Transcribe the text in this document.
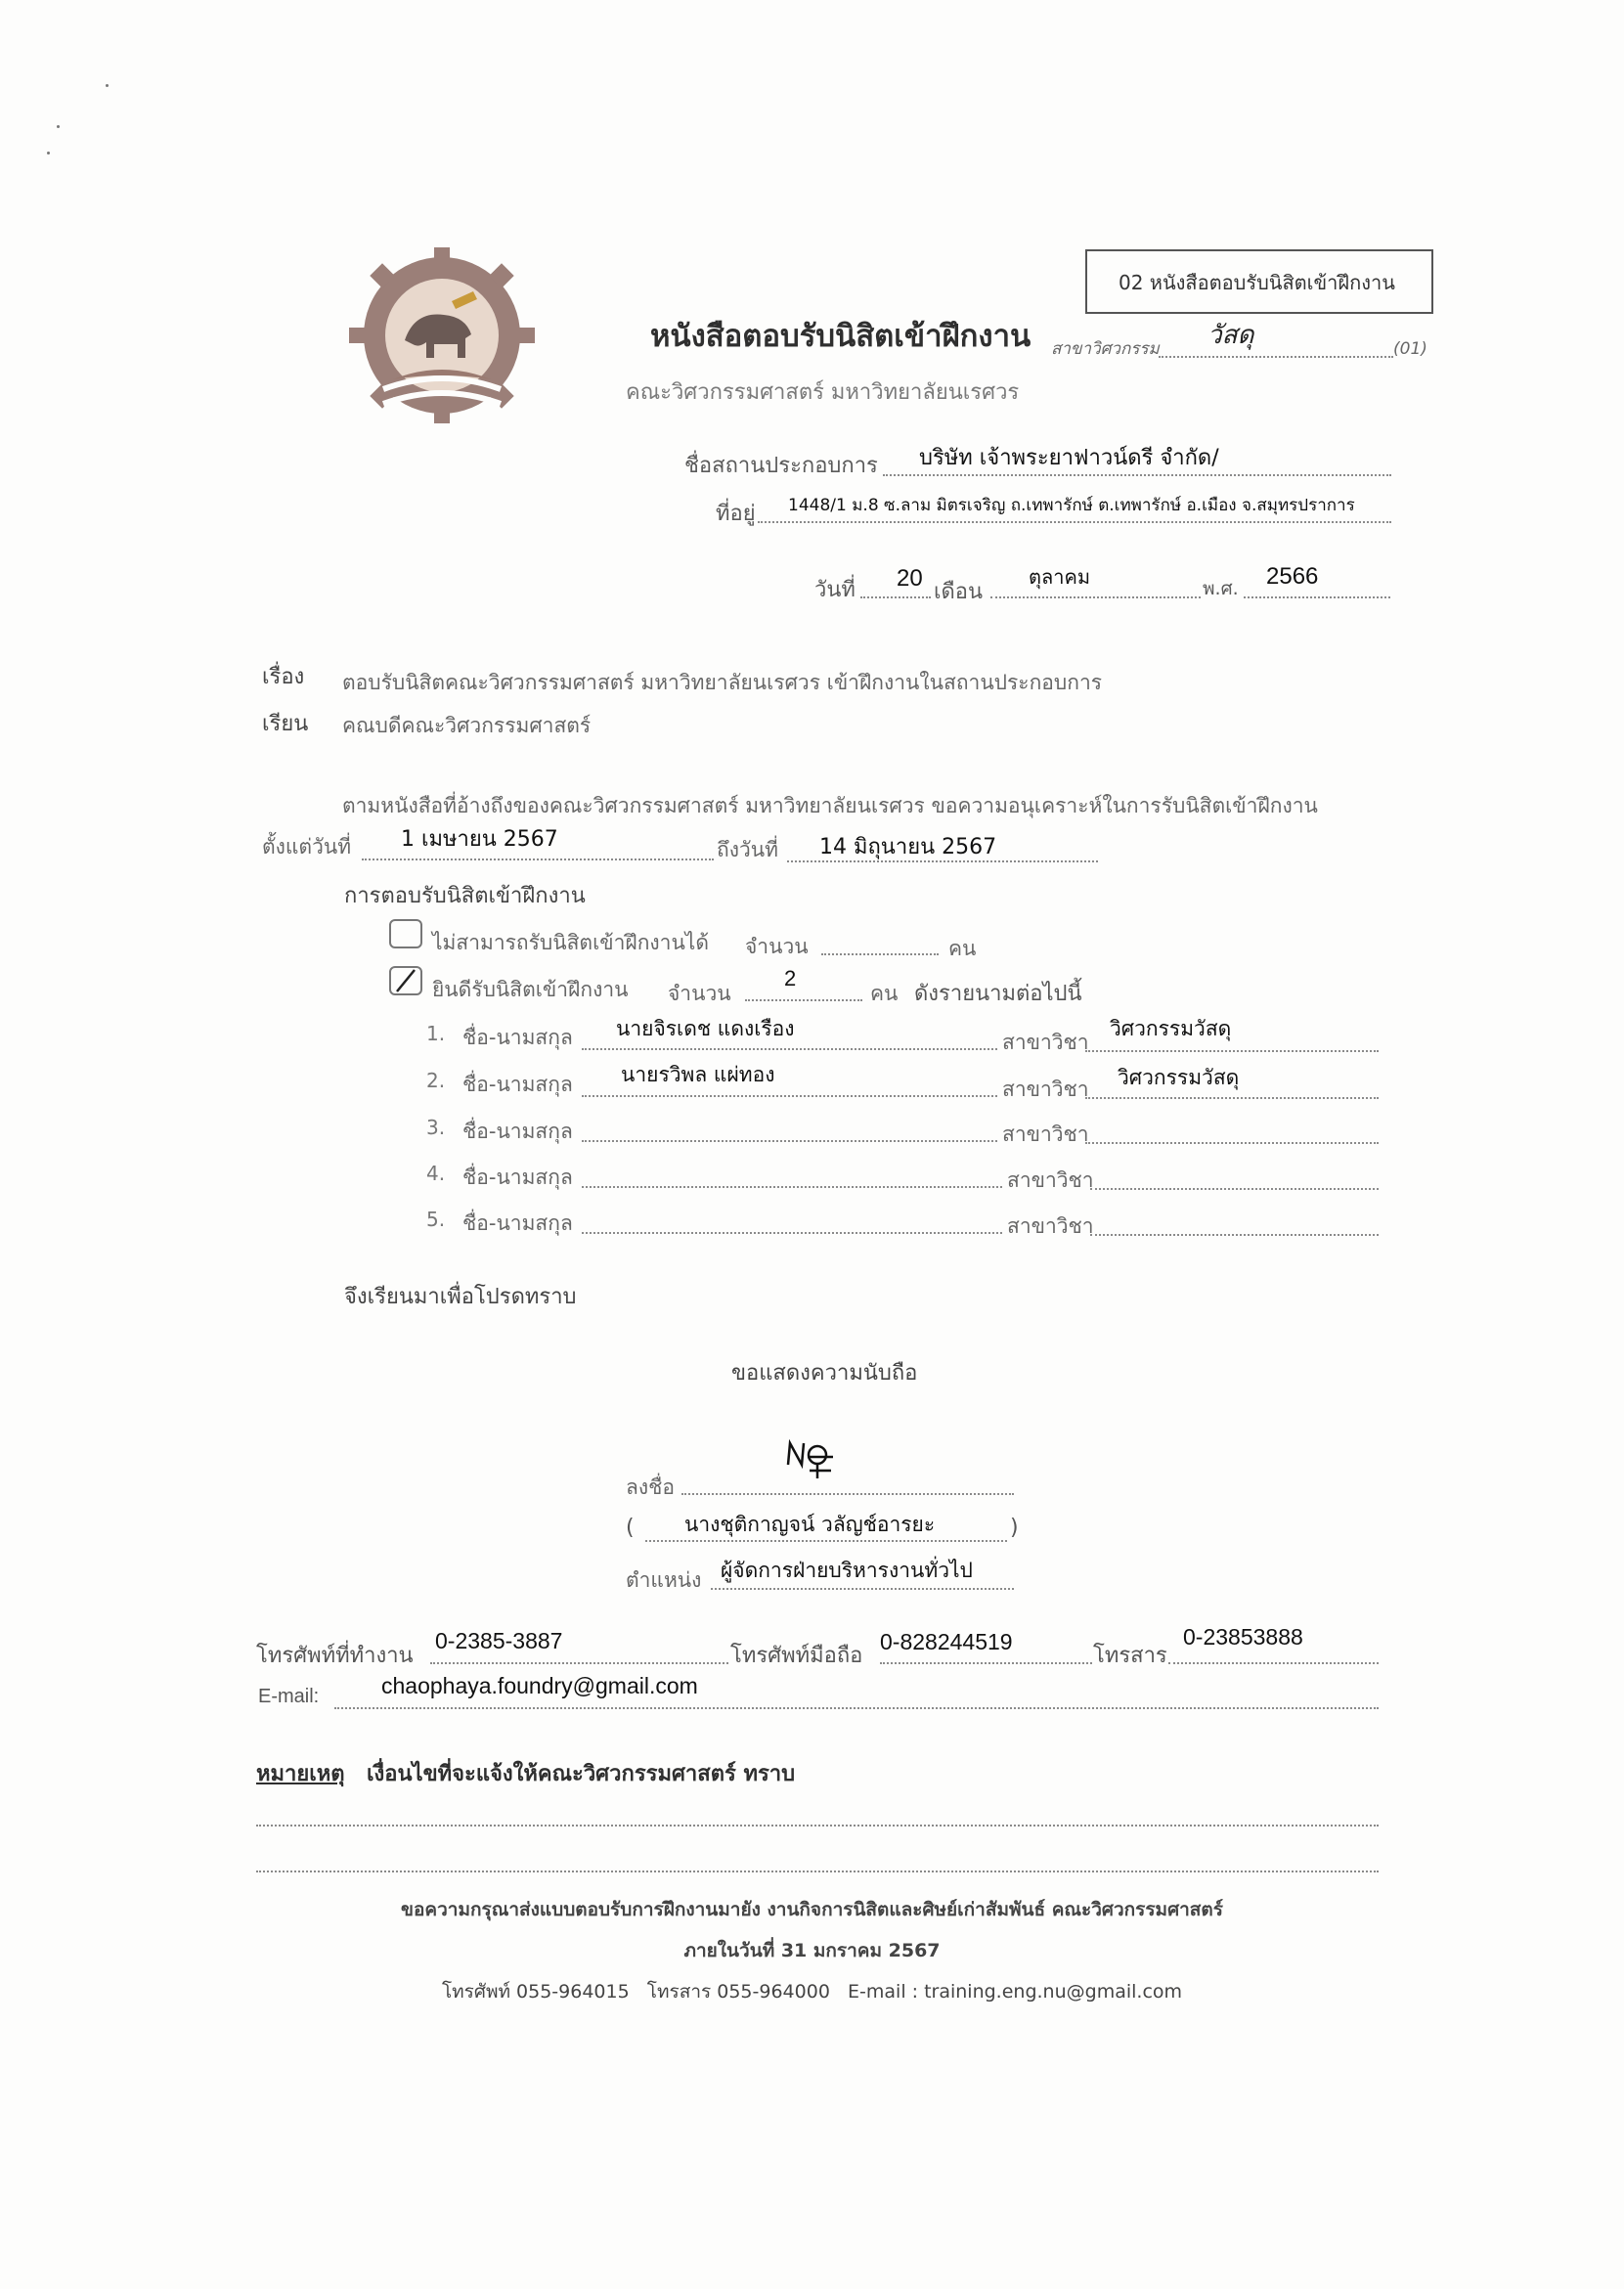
หนังสือตอบรับนิสิตเข้าฝึกงาน
คณะวิศวกรรมศาสตร์ มหาวิทยาลัยนเรศวร
02 หนังสือตอบรับนิสิตเข้าฝึกงาน
สาขาวิศวกรรม วัสดุ	(01)
ชื่อสถานประกอบการ บริษัท เจ้าพระยาฟาวน์ดรี จำกัด/
ที่อยู่ 1448/1 ม.8 ซ.ลาม มิตรเจริญ ถ.เทพารักษ์ ต.เทพารักษ์ อ.เมือง จ.สมุทรปราการ
วันที่ 20
เดือน
ตุลาคม	พ.ศ. 2566
เรื่อง ตอบรับนิสิตคณะวิศวกรรมศาสตร์ มหาวิทยาลัยนเรศวร เข้าฝึกงานในสถานประกอบการ
เรียน คณบดีคณะวิศวกรรมศาสตร์
ตามหนังสือที่อ้างถึงของคณะวิศวกรรมศาสตร์ มหาวิทยาลัยนเรศวร ขอความอนุเคราะห์ในการรับนิสิตเข้าฝึกงาน
ตั้งแต่วันที่ 1 เมษายน 2567	ถึงวันที่ 14 มิถุนายน 2567
การตอบรับนิสิตเข้าฝึกงาน
ไม่สามารถรับนิสิตเข้าฝึกงานได้ จำนวน	คน
ยินดีรับนิสิตเข้าฝึกงาน จำนวน
2
คน ดังรายนามต่อไปนี้
1. ชื่อ-นามสกุล นายจิรเดช แดงเรือง
สาขาวิชา
วิศวกรรมวัสดุ
2. ชื่อ-นามสกุล นายรวิพล แผ่ทอง
สาขาวิชา วิศวกรรมวัสดุ
3. ชื่อ-นามสกุล	สาขาวิชา
4. ชื่อ-นามสกุล	สาขาวิชา
5. ชื่อ-นามสกุล	สาขาวิชา
จึงเรียนมาเพื่อโปรดทราบ
ขอแสดงความนับถือ
ลงชื่อ
( นางชุติกาญจน์ วลัญช์อารยะ	)
ตำแหน่ง ผู้จัดการฝ่ายบริหารงานทั่วไป
โทรศัพท์ที่ทำงาน
0-2385-3887
โทรศัพท์มือถือ
0-828244519
โทรสาร
0-23853888
E-mail:	chaophaya.foundry@gmail.com
หมายเหตุ เงื่อนไขที่จะแจ้งให้คณะวิศวกรรมศาสตร์ ทราบ
ขอความกรุณาส่งแบบตอบรับการฝึกงานมายัง งานกิจการนิสิตและศิษย์เก่าสัมพันธ์ คณะวิศวกรรมศาสตร์
ภายในวันที่ 31 มกราคม 2567
โทรศัพท์ 055-964015   โทรสาร 055-964000   E-mail : training.eng.nu@gmail.com
